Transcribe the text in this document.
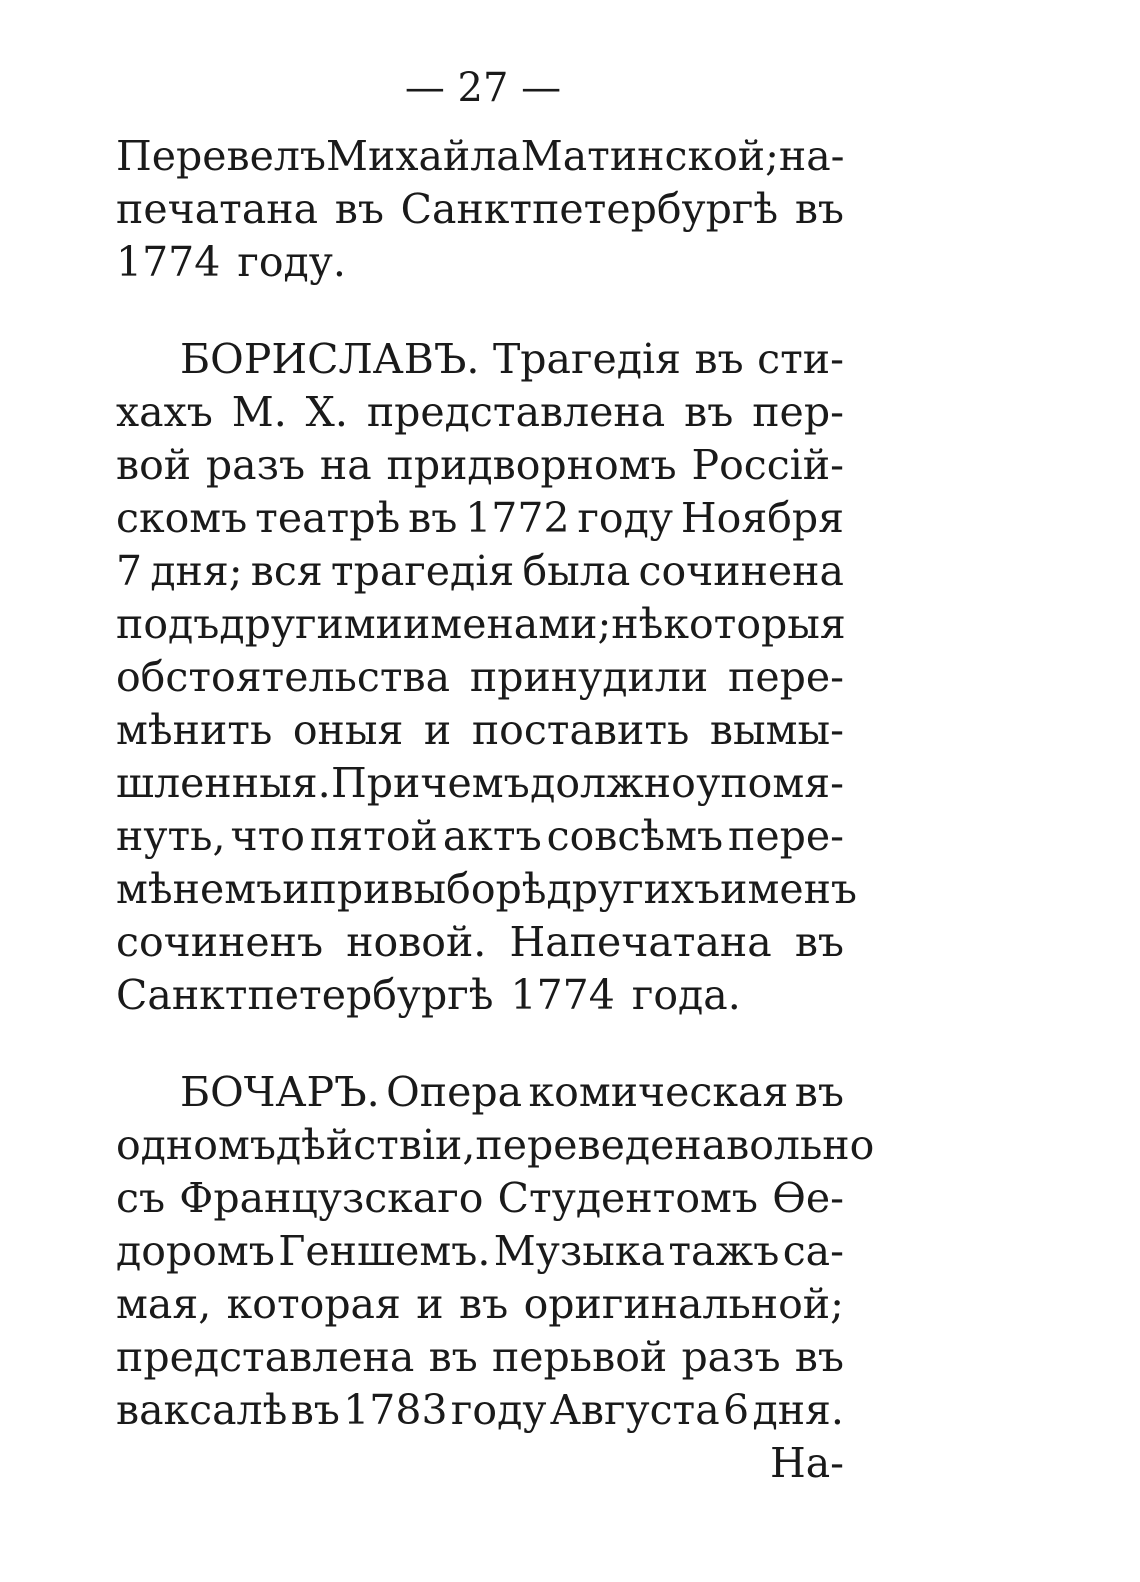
— 27 —
Перевелъ Михайла Матинской; на-
печатана въ Санктпетербургѣ въ
1774 году.
БОРИСЛАВЪ. Трагедія въ сти-
хахъ М. Х. представлена въ пер-
вой разъ на придворномъ Россій-
скомъ театрѣ въ 1772 году Ноября
7 дня; вся трагедія была сочинена
подъ другими именами; нѣкоторыя
обстоятельства принудили пере-
мѣнить оныя и поставить вымы-
шленныя. Причемъ должно упомя-
нуть, что пятой актъ совсѣмъ пере-
мѣнемъ и при выборѣ другихъ именъ
сочиненъ новой. Напечатана въ
Санктпетербургѣ 1774 года.
БОЧАРЪ. Опера комическая въ
одномъ дѣйствіи, переведена вольно
съ Французскаго Студентомъ Ѳе-
доромъ Геншемъ. Музыка тажъ са-
мая, которая и въ оригинальной;
представлена въ перьвой разъ въ
ваксалѣ въ 1783 году Августа 6 дня.
На-
